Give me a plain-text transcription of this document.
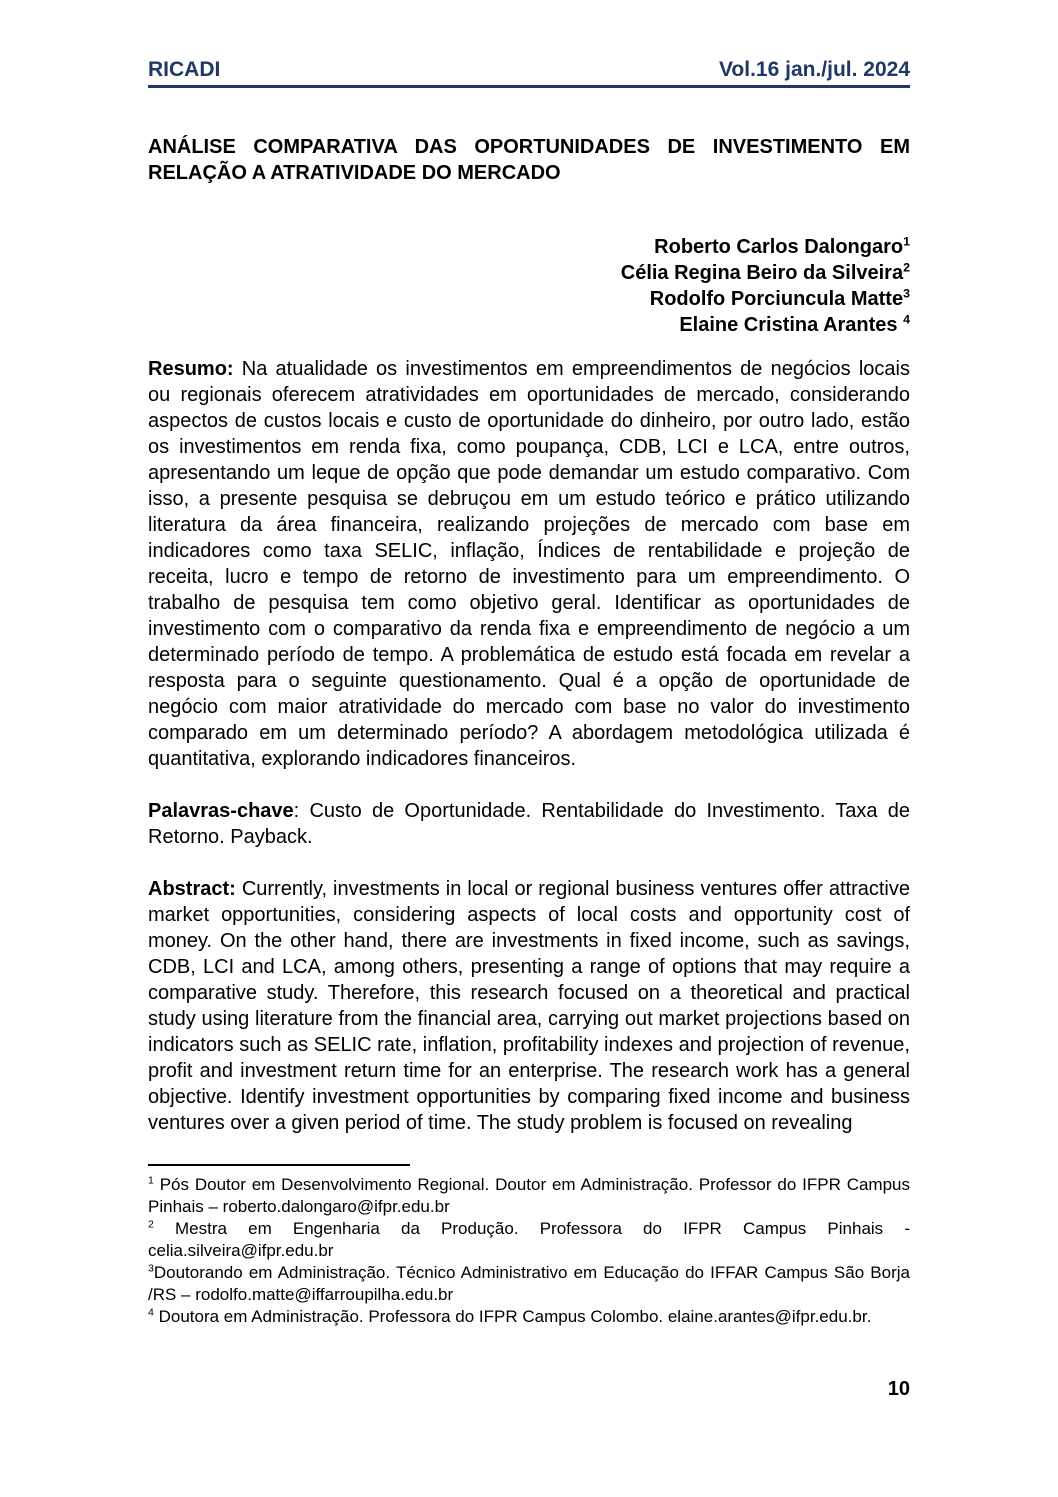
RICADI	Vol.16 jan./jul. 2024
ANÁLISE COMPARATIVA DAS OPORTUNIDADES DE INVESTIMENTO EM RELAÇÃO A ATRATIVIDADE DO MERCADO
Roberto Carlos Dalongaro$^1$
Célia Regina Beiro da Silveira$^2$
Rodolfo Porciuncula Matte$^3$
Elaine Cristina Arantes $^4$

Resumo: Na atualidade os investimentos em empreendimentos de negócios locais ou regionais oferecem atratividades em oportunidades de mercado, considerando aspectos de custos locais e custo de oportunidade do dinheiro, por outro lado, estão os investimentos em renda fixa, como poupança, CDB, LCI e LCA, entre outros, apresentando um leque de opção que pode demandar um estudo comparativo. Com isso, a presente pesquisa se debruçou em um estudo teórico e prático utilizando literatura da área financeira, realizando projeções de mercado com base em indicadores como taxa SELIC, inflação, Índices de rentabilidade e projeção de receita, lucro e tempo de retorno de investimento para um empreendimento. O trabalho de pesquisa tem como objetivo geral. Identificar as oportunidades de investimento com o comparativo da renda fixa e empreendimento de negócio a um determinado período de tempo. A problemática de estudo está focada em revelar a resposta para o seguinte questionamento. Qual é a opção de oportunidade de negócio com maior atratividade do mercado com base no valor do investimento comparado em um determinado período? A abordagem metodológica utilizada é quantitativa, explorando indicadores financeiros.

Palavras-chave: Custo de Oportunidade. Rentabilidade do Investimento. Taxa de Retorno. Payback.

Abstract: Currently, investments in local or regional business ventures offer attractive market opportunities, considering aspects of local costs and opportunity cost of money. On the other hand, there are investments in fixed income, such as savings, CDB, LCI and LCA, among others, presenting a range of options that may require a comparative study. Therefore, this research focused on a theoretical and practical study using literature from the financial area, carrying out market projections based on indicators such as SELIC rate, inflation, profitability indexes and projection of revenue, profit and investment return time for an enterprise. The research work has a general objective. Identify investment opportunities by comparing fixed income and business ventures over a given period of time. The study problem is focused on revealing

$^1$ Pós Doutor em Desenvolvimento Regional. Doutor em Administração. Professor do IFPR Campus Pinhais – roberto.dalongaro@ifpr.edu.br

$^2$ Mestra em Engenharia da Produção. Professora do IFPR Campus Pinhais - celia.silveira@ifpr.edu.br

$^3$Doutorando em Administração. Técnico Administrativo em Educação do IFFAR Campus São Borja /RS – rodolfo.matte@iffarroupilha.edu.br

$^4$ Doutora em Administração. Professora do IFPR Campus Colombo. elaine.arantes@ifpr.edu.br.

10
